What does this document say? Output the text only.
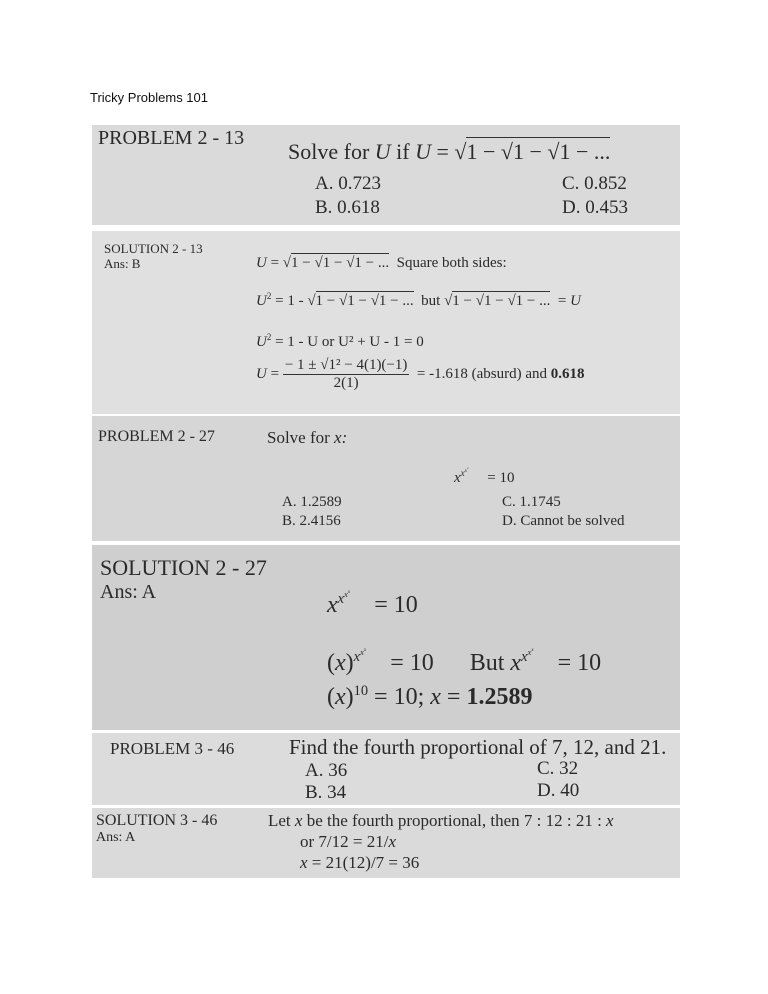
Tricky Problems 101
PROBLEM 2 - 13
Solve for U if U = √1 − √1 − √1 − ...
A. 0.723
B. 0.618
C. 0.852
D. 0.453
SOLUTION 2 - 13
Ans: B	U = √1 − √1 − √1 − ... Square both sides:
$U^2 = 1 - √1 - √1 - √1$ − ... but √1 − √1 − √1 − ...  = U
$U^2 = 1 - U$ or U² + U - 1 = 0
$U = \frac{\text{− 1 ± √1² − 4(1)(−1)}}{2(1)} = -1.618$ (absurd) and 0.618
PROBLEM 2 - 27	Solve for x:
$x^{x^{x^x}}$     = 10
A. 1.2589
B. 2.4156
C. 1.1745
D. Cannot be solved
SOLUTION 2 - 27
Ans: A	$x^{x^{x^x}} = 10$
$(x)^{x^{x^x}} = 10$ But $x^{x^{x^x}} = 10$
$(x)^{10} = 10$; x = 1.2589
PROBLEM 3 - 46	Find the fourth proportional of 7, 12, and 21.
A. 36
B. 34
C. 32
D. 40
SOLUTION 3 - 46
Ans: A
Let x be the fourth proportional, then 7 : 12 : 21 : x
or 7/12 = 21/x
x = 21(12)/7 = 36
